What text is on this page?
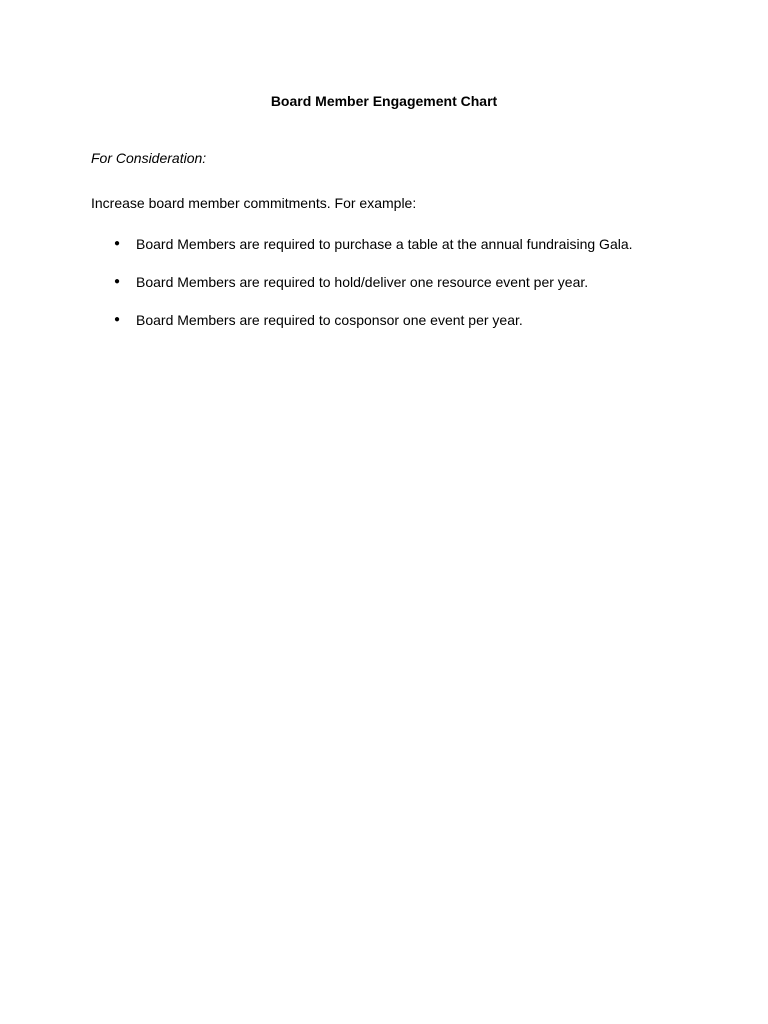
Board Member Engagement Chart

For Consideration:

Increase board member commitments. For example:

● Board Members are required to purchase a table at the annual fundraising Gala.
● Board Members are required to hold/deliver one resource event per year.
● Board Members are required to cosponsor one event per year.
